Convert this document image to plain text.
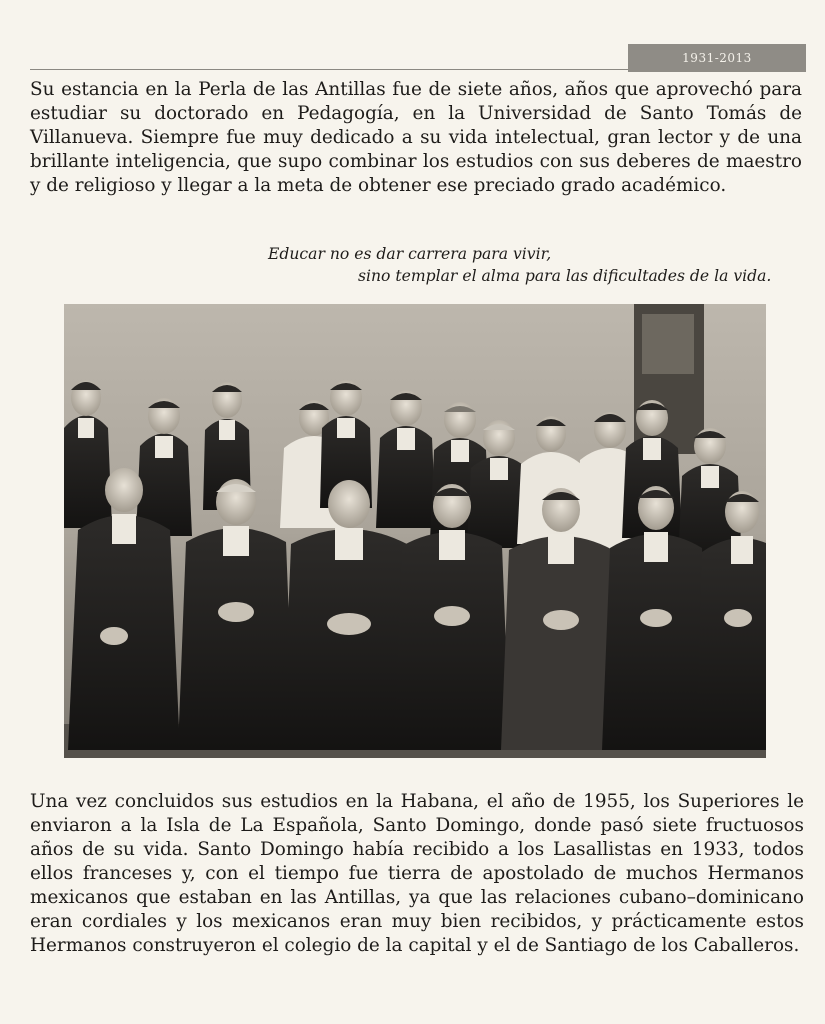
1931-2013

Su estancia en la Perla de las Antillas fue de siete años, años que aprovechó para estudiar su doctorado en Pedagogía, en la Universidad de Santo Tomás de Villanueva. Siempre fue muy dedicado a su vida intelectual, gran lector y de una brillante inteligencia, que supo combinar los estudios con sus deberes de maestro y de religioso y llegar a la meta de obtener ese preciado grado académico.

Educar no es dar carrera para vivir,
sino templar el alma para las dificultades de la vida.

Una vez concluidos sus estudios en la Habana, el año de 1955, los Superiores le enviaron a la Isla de La Española, Santo Domingo, donde pasó siete fructuosos años de su vida. Santo Domingo había recibido a los Lasallistas en 1933, todos ellos franceses y, con el tiempo fue tierra de apostolado de muchos Hermanos mexicanos que estaban en las Antillas, ya que las relaciones cubano–dominicano eran cordiales y los mexicanos eran muy bien recibidos, y prácticamente estos Hermanos construyeron el colegio de la capital y el de Santiago de los Caballeros.
